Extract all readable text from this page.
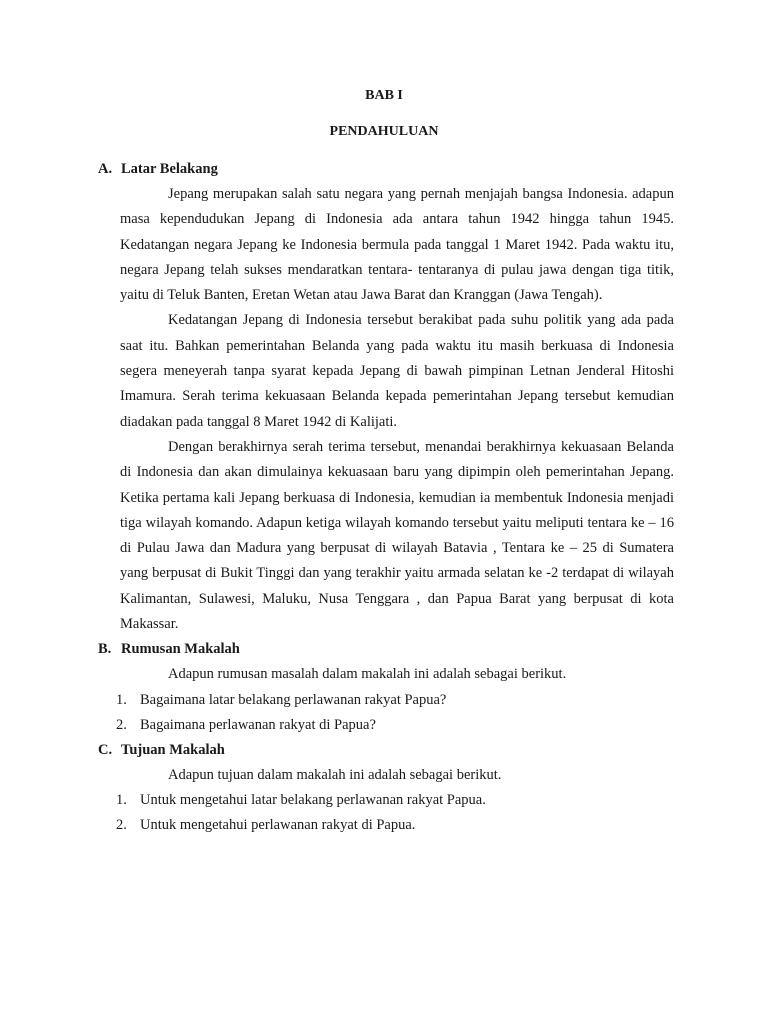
BAB I
PENDAHULUAN
A. Latar Belakang

Jepang merupakan salah satu negara yang pernah menjajah bangsa Indonesia. adapun masa kependudukan Jepang di Indonesia ada antara tahun 1942 hingga tahun 1945. Kedatangan negara Jepang ke Indonesia bermula pada tanggal 1 Maret 1942. Pada waktu itu, negara Jepang telah sukses mendaratkan tentara- tentaranya di pulau jawa dengan tiga titik, yaitu di Teluk Banten, Eretan Wetan atau Jawa Barat dan Kranggan (Jawa Tengah).

Kedatangan Jepang di Indonesia tersebut berakibat pada suhu politik yang ada pada saat itu. Bahkan pemerintahan Belanda yang pada waktu itu masih berkuasa di Indonesia segera meneyerah tanpa syarat kepada Jepang di bawah pimpinan Letnan Jenderal Hitoshi Imamura. Serah terima kekuasaan Belanda kepada pemerintahan Jepang tersebut kemudian diadakan pada tanggal 8 Maret 1942 di Kalijati.

Dengan berakhirnya serah terima tersebut, menandai berakhirnya kekuasaan Belanda di Indonesia dan akan dimulainya kekuasaan baru yang dipimpin oleh pemerintahan Jepang. Ketika pertama kali Jepang berkuasa di Indonesia, kemudian ia membentuk Indonesia menjadi tiga wilayah komando. Adapun ketiga wilayah komando tersebut yaitu meliputi tentara ke – 16 di Pulau Jawa dan Madura yang berpusat di wilayah Batavia , Tentara ke – 25 di Sumatera yang berpusat di Bukit Tinggi dan yang terakhir yaitu armada selatan ke -2 terdapat di wilayah Kalimantan, Sulawesi, Maluku, Nusa Tenggara , dan Papua Barat yang berpusat di kota Makassar.

B. Rumusan Makalah

Adapun rumusan masalah dalam makalah ini adalah sebagai berikut.

1. Bagaimana latar belakang perlawanan rakyat Papua?
2. Bagaimana perlawanan rakyat di Papua?
C. Tujuan Makalah

Adapun tujuan dalam makalah ini adalah sebagai berikut.

1. Untuk mengetahui latar belakang perlawanan rakyat Papua.
2. Untuk mengetahui perlawanan rakyat di Papua.
